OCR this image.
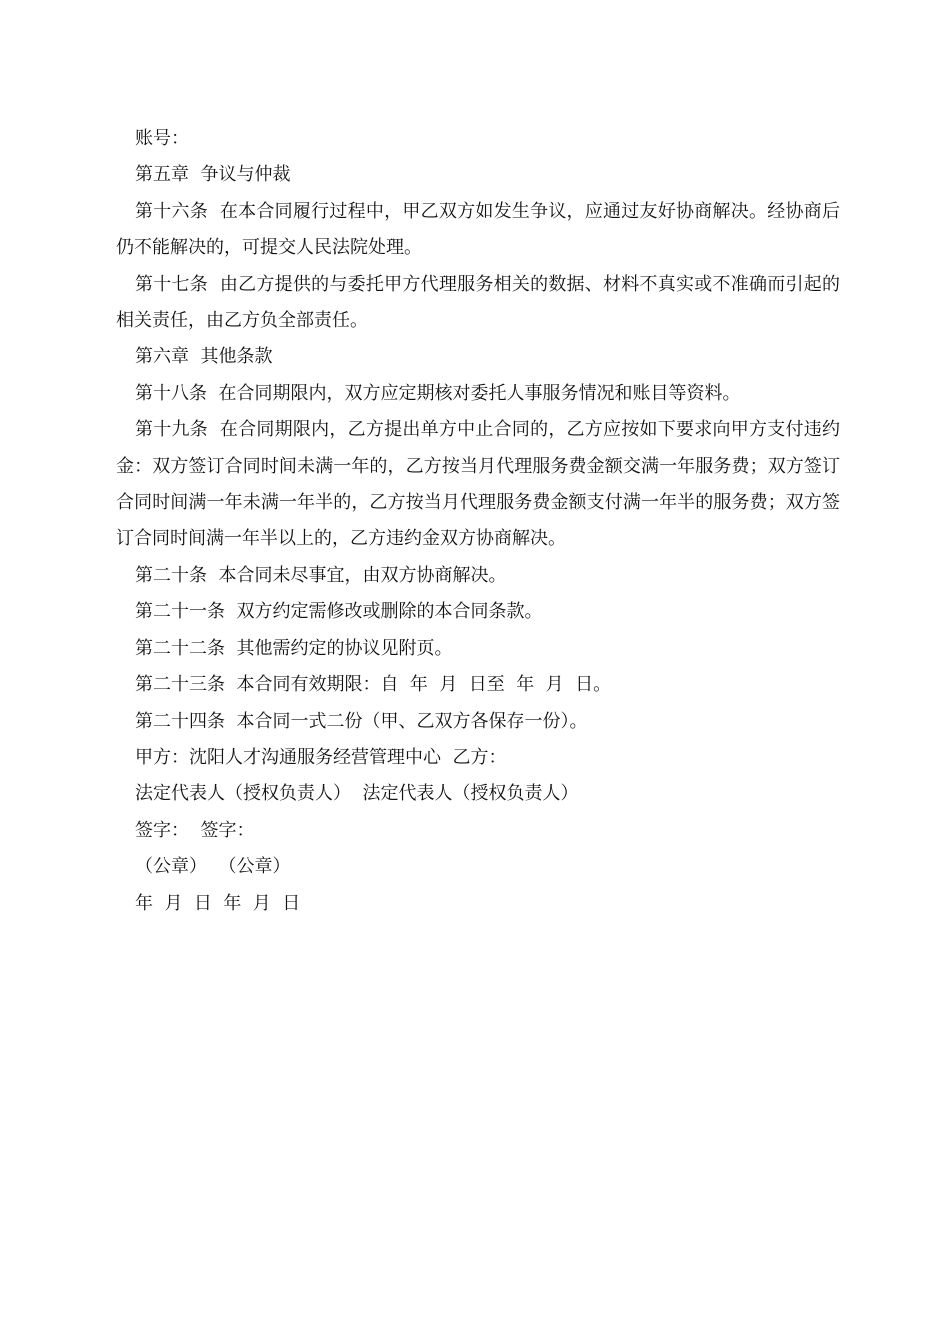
账号：

第五章  争议与仲裁

第十六条  在本合同履行过程中，甲乙双方如发生争议，应通过友好协商解决。经协商后仍不能解决的，可提交人民法院处理。

第十七条  由乙方提供的与委托甲方代理服务相关的数据、材料不真实或不准确而引起的相关责任，由乙方负全部责任。

第六章  其他条款

第十八条  在合同期限内，双方应定期核对委托人事服务情况和账目等资料。

第十九条  在合同期限内，乙方提出单方中止合同的，乙方应按如下要求向甲方支付违约金：双方签订合同时间未满一年的，乙方按当月代理服务费金额交满一年服务费；双方签订合同时间满一年未满一年半的，乙方按当月代理服务费金额支付满一年半的服务费；双方签订合同时间满一年半以上的，乙方违约金双方协商解决。

第二十条  本合同未尽事宜，由双方协商解决。

第二十一条  双方约定需修改或删除的本合同条款。

第二十二条  其他需约定的协议见附页。

第二十三条  本合同有效期限：自  年  月  日至  年  月  日。

第二十四条  本合同一式二份（甲、乙双方各保存一份）。

甲方：沈阳人才沟通服务经营管理中心  乙方：

法定代表人（授权负责人）  法定代表人（授权负责人）

签字：  签字：

（公章）  （公章）

年  月  日  年  月  日
